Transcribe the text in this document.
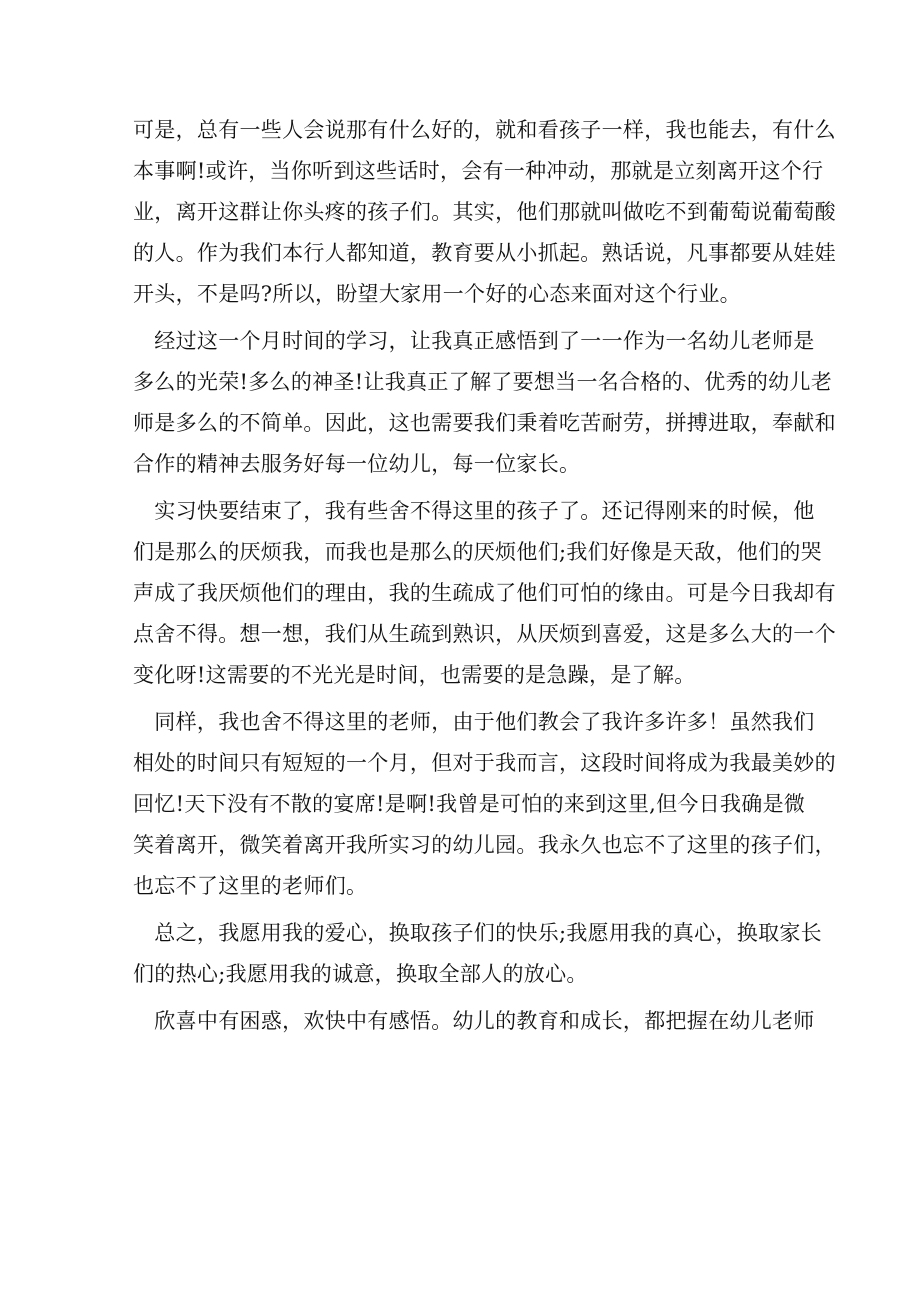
可是，总有一些人会说那有什么好的，就和看孩子一样，我也能去，有什么
本事啊!或许，当你听到这些话时，会有一种冲动，那就是立刻离开这个行
业，离开这群让你头疼的孩子们。其实，他们那就叫做吃不到葡萄说葡萄酸
的人。作为我们本行人都知道，教育要从小抓起。熟话说，凡事都要从娃娃
开头，不是吗?所以，盼望大家用一个好的心态来面对这个行业。

　经过这一个月时间的学习，让我真正感悟到了一一作为一名幼儿老师是
多么的光荣!多么的神圣!让我真正了解了要想当一名合格的、优秀的幼儿老
师是多么的不简单。因此，这也需要我们秉着吃苦耐劳，拼搏进取，奉献和
合作的精神去服务好每一位幼儿，每一位家长。

　实习快要结束了，我有些舍不得这里的孩子了。还记得刚来的时候，他
们是那么的厌烦我，而我也是那么的厌烦他们;我们好像是天敌，他们的哭
声成了我厌烦他们的理由，我的生疏成了他们可怕的缘由。可是今日我却有
点舍不得。想一想，我们从生疏到熟识，从厌烦到喜爱，这是多么大的一个
变化呀!这需要的不光光是时间，也需要的是急躁，是了解。

　同样，我也舍不得这里的老师，由于他们教会了我许多许多！虽然我们
相处的时间只有短短的一个月，但对于我而言，这段时间将成为我最美妙的
回忆!天下没有不散的宴席!是啊!我曾是可怕的来到这里,但今日我确是微
笑着离开，微笑着离开我所实习的幼儿园。我永久也忘不了这里的孩子们，
也忘不了这里的老师们。

　总之，我愿用我的爱心，换取孩子们的快乐;我愿用我的真心，换取家长
们的热心;我愿用我的诚意，换取全部人的放心。

　欣喜中有困惑，欢快中有感悟。幼儿的教育和成长，都把握在幼儿老师
